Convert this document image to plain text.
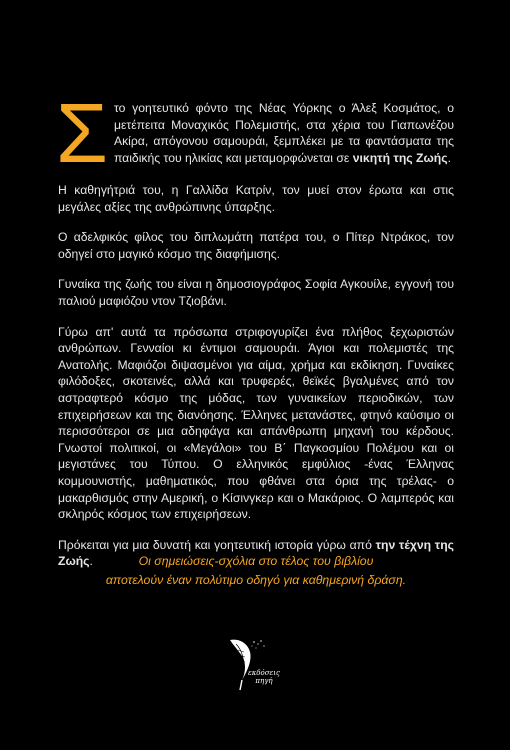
Στο γοητευτικό φόντο της Νέας Υόρκης ο Άλεξ Κοσμάτος, ο μετέπειτα Μοναχικός Πολεμιστής, στα χέρια του Γιαπωνέζου Ακίρα, απόγονου σαμουράι, ξεμπλέκει με τα φαντάσματα της παιδικής του ηλικίας και μεταμορφώνεται σε νικητή της Ζωής.
Η καθηγήτριά του, η Γαλλίδα Κατρίν, τον μυεί στον έρωτα και στις μεγάλες αξίες της ανθρώπινης ύπαρξης.
Ο αδελφικός φίλος του διπλωμάτη πατέρα του, ο Πίτερ Ντράκος, τον οδηγεί στο μαγικό κόσμο της διαφήμισης.
Γυναίκα της ζωής του είναι η δημοσιογράφος Σοφία Αγκουίλε, εγγονή του παλιού μαφιόζου ντον Τζιοβάνι.
Γύρω απ' αυτά τα πρόσωπα στριφογυρίζει ένα πλήθος ξεχωριστών ανθρώπων. Γενναίοι κι έντιμοι σαμουράι. Άγιοι και πολεμιστές της Ανατολής. Μαφιόζοι διψασμένοι για αίμα, χρήμα και εκδίκηση. Γυναίκες φιλόδοξες, σκοτεινές, αλλά και τρυφερές, θεϊκές βγαλμένες από τον αστραφτερό κόσμο της μόδας, των γυναικείων περιοδικών, των επιχειρήσεων και της διανόησης. Έλληνες μετανάστες, φτηνό καύσιμο οι περισσότεροι σε μια αδηφάγα και απάνθρωπη μηχανή του κέρδους. Γνωστοί πολιτικοί, οι «Μεγάλοι» του Β΄ Παγκοσμίου Πολέμου και οι μεγιστάνες του Τύπου. Ο ελληνικός εμφύλιος -ένας Έλληνας κομμουνιστής, μαθηματικός, που φθάνει στα όρια της τρέλας- ο μακαρθισμός στην Αμερική, ο Κίσινγκερ και ο Μακάριος. Ο λαμπερός και σκληρός κόσμος των επιχειρήσεων.
Πρόκειται για μια δυνατή και γοητευτική ιστορία γύρω από την τέχνη της Ζωής.	Οι σημειώσεις-σχόλια στο τέλος του βιβλίου
αποτελούν έναν πολύτιμο οδηγό για καθημερινή δράση.
εκδόσεις
πηγή
